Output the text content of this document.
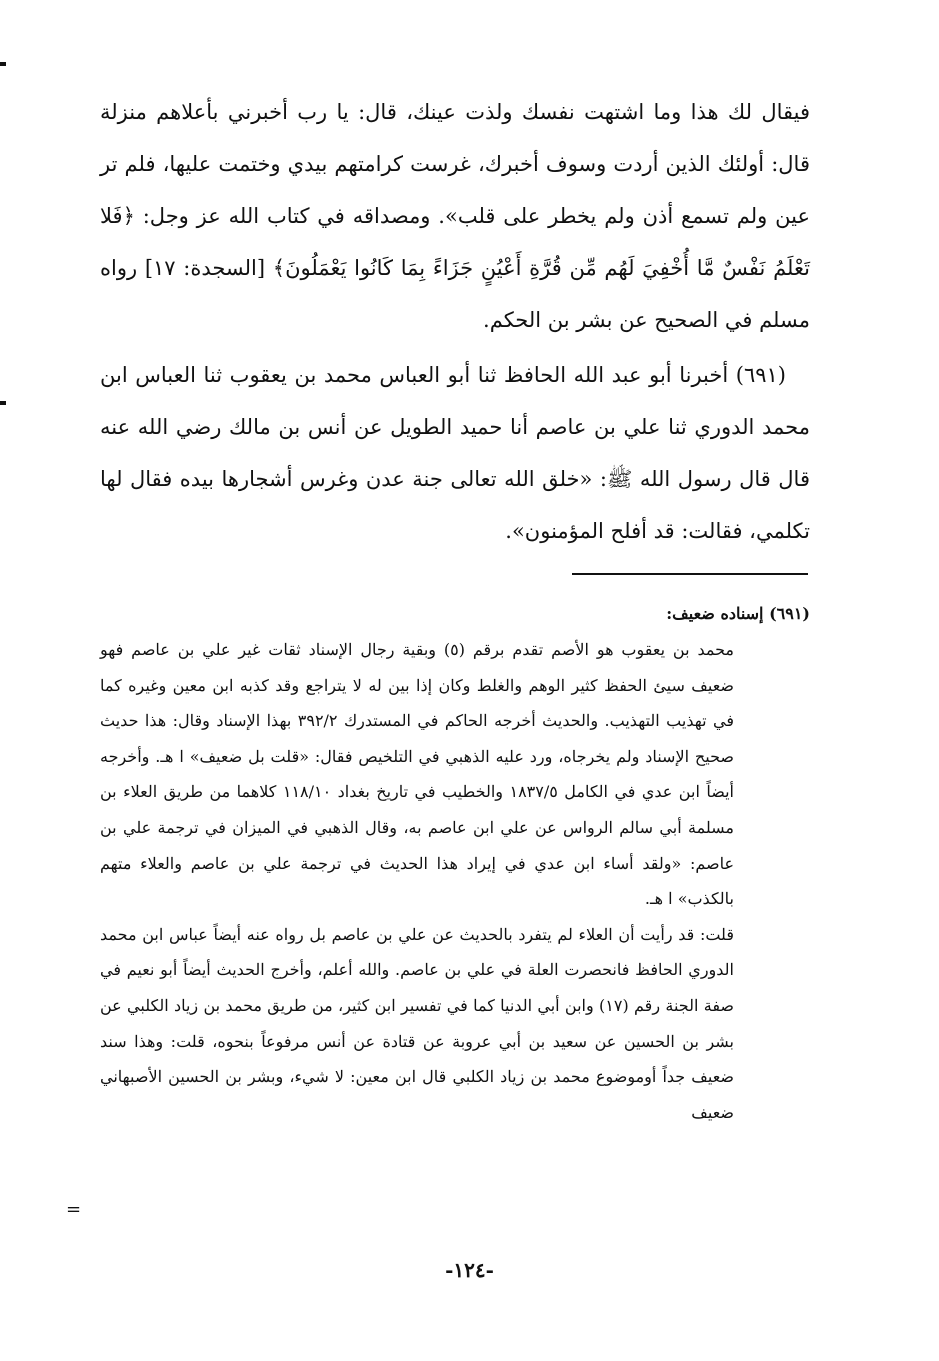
فيقال لك هذا وما اشتهت نفسك ولذت عينك، قال: يا رب أخبرني بأعلاهم منزلة قال: أولئك الذين أردت وسوف أخبرك، غرست كرامتهم بيدي وختمت عليها، فلم تر عين ولم تسمع أذن ولم يخطر على قلب». ومصداقه في كتاب الله عز وجل: ﴿فَلا تَعْلَمُ نَفْسٌ مَّا أُخْفِيَ لَهُم مِّن قُرَّةِ أَعْيُنٍ جَزَاءً بِمَا كَانُوا يَعْمَلُونَ﴾ [السجدة: ١٧] رواه مسلم في الصحيح عن بشر بن الحكم.

(٦٩١) أخبرنا أبو عبد الله الحافظ ثنا أبو العباس محمد بن يعقوب ثنا العباس ابن محمد الدوري ثنا علي بن عاصم أنا حميد الطويل عن أنس بن مالك رضي الله عنه قال قال رسول الله ﷺ: «خلق الله تعالى جنة عدن وغرس أشجارها بيده فقال لها تكلمي، فقالت: قد أفلح المؤمنون».

(٦٩١) إسناده ضعيف:

محمد بن يعقوب هو الأصم تقدم برقم (٥) وبقية رجال الإسناد ثقات غير علي بن عاصم فهو ضعيف سيئ الحفظ كثير الوهم والغلط وكان إذا بين له لا يتراجع وقد كذبه ابن معين وغيره كما في تهذيب التهذيب. والحديث أخرجه الحاكم في المستدرك ٣٩٢/٢ بهذا الإسناد وقال: هذا حديث صحيح الإسناد ولم يخرجاه، ورد عليه الذهبي في التلخيص فقال: «قلت بل ضعيف» ا هـ. وأخرجه أيضاً ابن عدي في الكامل ١٨٣٧/٥ والخطيب في تاريخ بغداد ١١٨/١٠ كلاهما من طريق العلاء بن مسلمة أبي سالم الرواس عن علي ابن عاصم به، وقال الذهبي في الميزان في ترجمة علي بن عاصم: «ولقد أساء ابن عدي في إيراد هذا الحديث في ترجمة علي بن عاصم والعلاء متهم بالكذب» ا هـ.

قلت: قد رأيت أن العلاء لم يتفرد بالحديث عن علي بن عاصم بل رواه عنه أيضاً عباس ابن محمد الدوري الحافظ فانحصرت العلة في علي بن عاصم. والله أعلم، وأخرج الحديث أيضاً أبو نعيم في صفة الجنة رقم (١٧) وابن أبي الدنيا كما في تفسير ابن كثير، من طريق محمد بن زياد الكلبي عن بشر بن الحسين عن سعيد بن أبي عروبة عن قتادة عن أنس مرفوعاً بنحوه، قلت: وهذا سند ضعيف جداً أوموضوع محمد بن زياد الكلبي قال ابن معين: لا شيء، وبشر بن الحسين الأصبهاني ضعيف

=
-١٢٤-
